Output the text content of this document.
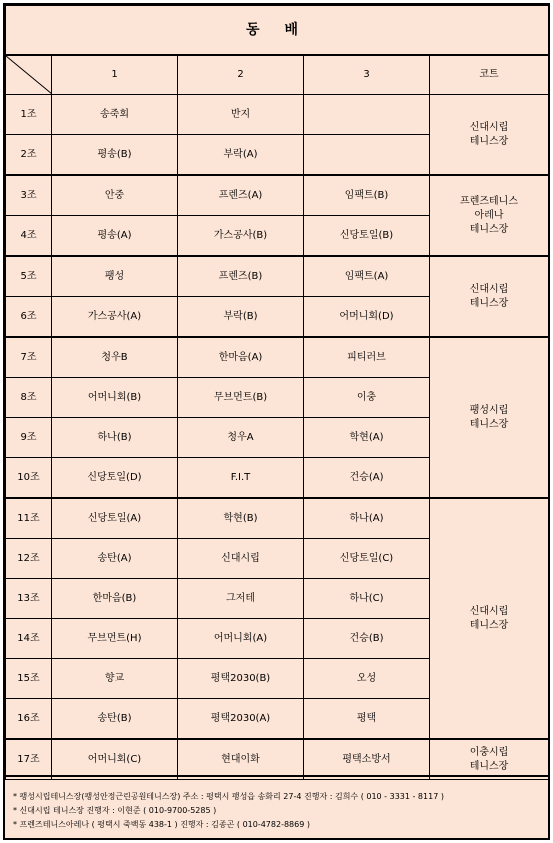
동 배				

	1	2	3	코트
1조	송죽회	반지		신대시립
테니스장

2조	평송(B)	부락(A)		
3조	안중	프렌즈(A)	임팩트(B)	프렌즈테니스
아레나
테니스장

4조	평송(A)	가스공사(B)	신당토일(B)	
5조	팽성	프렌즈(B)	임팩트(A)	신대시립
테니스장

6조	가스공사(A)	부락(B)	어머니회(D)	
7조	청우B	한마음(A)	피티러브	팽성시립
테니스장

8조	어머니회(B)	무브먼트(B)	이충	
9조	하나(B)	청우A	학현(A)	
10조	신당토일(D)	F.I.T	건승(A)	
11조	신당토일(A)	학현(B)	하나(A)	신대시립
테니스장

12조	송탄(A)	신대시립	신당토일(C)	
13조	한마음(B)	그저테	하나(C)	
14조	무브먼트(H)	어머니회(A)	건승(B)	
15조	향교	평택2030(B)	오성	
16조	송탄(B)	평택2030(A)	평택	
17조	어머니회(C)	현대이화	평택소방서	이충시립
테니스장
* 팽성시립테니스장(팽성안정근린공원테니스장) 주소 : 평택시 팽성읍 송화리 27-4 진행자 : 김희수 ( 010 - 3331 - 8117 )
* 신대시립 테니스장 진행자 : 이현준 ( 010-9700-5285 )
* 프렌즈테니스아레나 ( 평택시 죽백동 438-1 ) 진행자 : 김종곤 ( 010-4782-8869 )
